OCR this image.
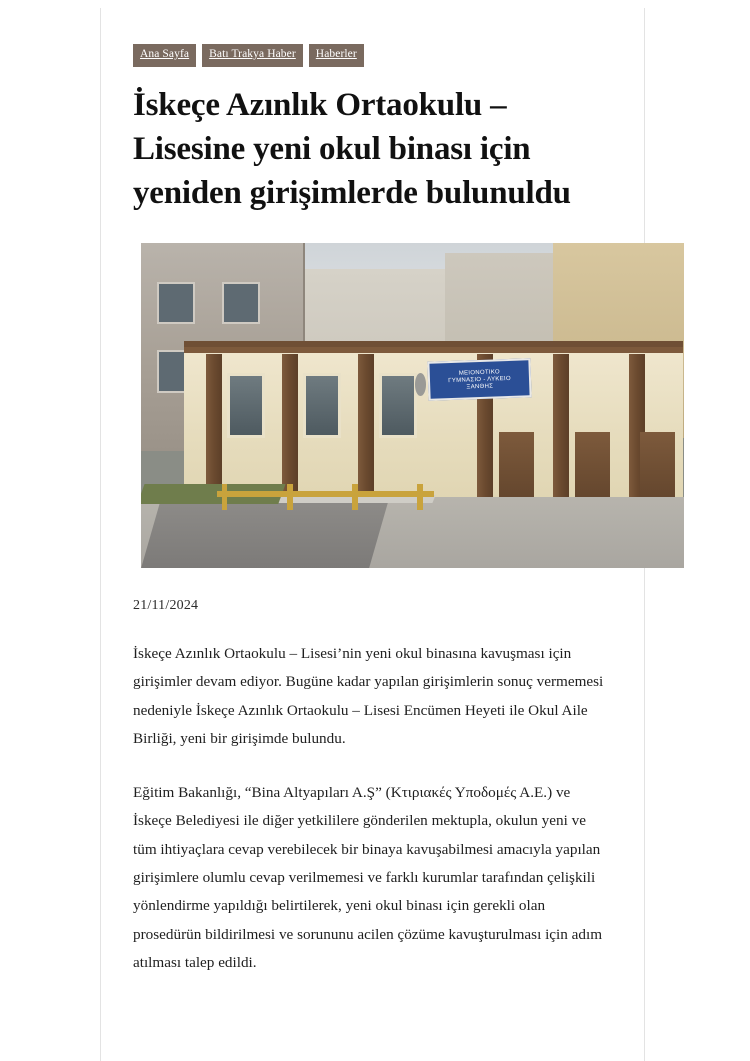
Ana Sayfa	Batı Trakya Haber	Haberler
İskeçe Azınlık Ortaokulu – Lisesine yeni okul binası için yeniden girişimlerde bulunuldu
ΜΕΙΟΝΟΤΙΚΟ
ΓΥΜΝΑΣΙΟ - ΛΥΚΕΙΟ
ΞΑΝΘΗΣ
21/11/2024

İskeçe Azınlık Ortaokulu – Lisesi’nin yeni okul binasına kavuşması için girişimler devam ediyor. Bugüne kadar yapılan girişimlerin sonuç vermemesi nedeniyle İskeçe Azınlık Ortaokulu – Lisesi Encümen Heyeti ile Okul Aile Birliği, yeni bir girişimde bulundu.

Eğitim Bakanlığı, “Bina Altyapıları A.Ş” (Κτιριακές Υποδομές Α.Ε.) ve İskeçe Belediyesi ile diğer yetkililere gönderilen mektupla, okulun yeni ve tüm ihtiyaçlara cevap verebilecek bir binaya kavuşabilmesi amacıyla yapılan girişimlere olumlu cevap verilmemesi ve farklı kurumlar tarafından çelişkili yönlendirme yapıldığı belirtilerek, yeni okul binası için gerekli olan prosedürün bildirilmesi ve sorununu acilen çözüme kavuşturulması için adım atılması talep edildi.
